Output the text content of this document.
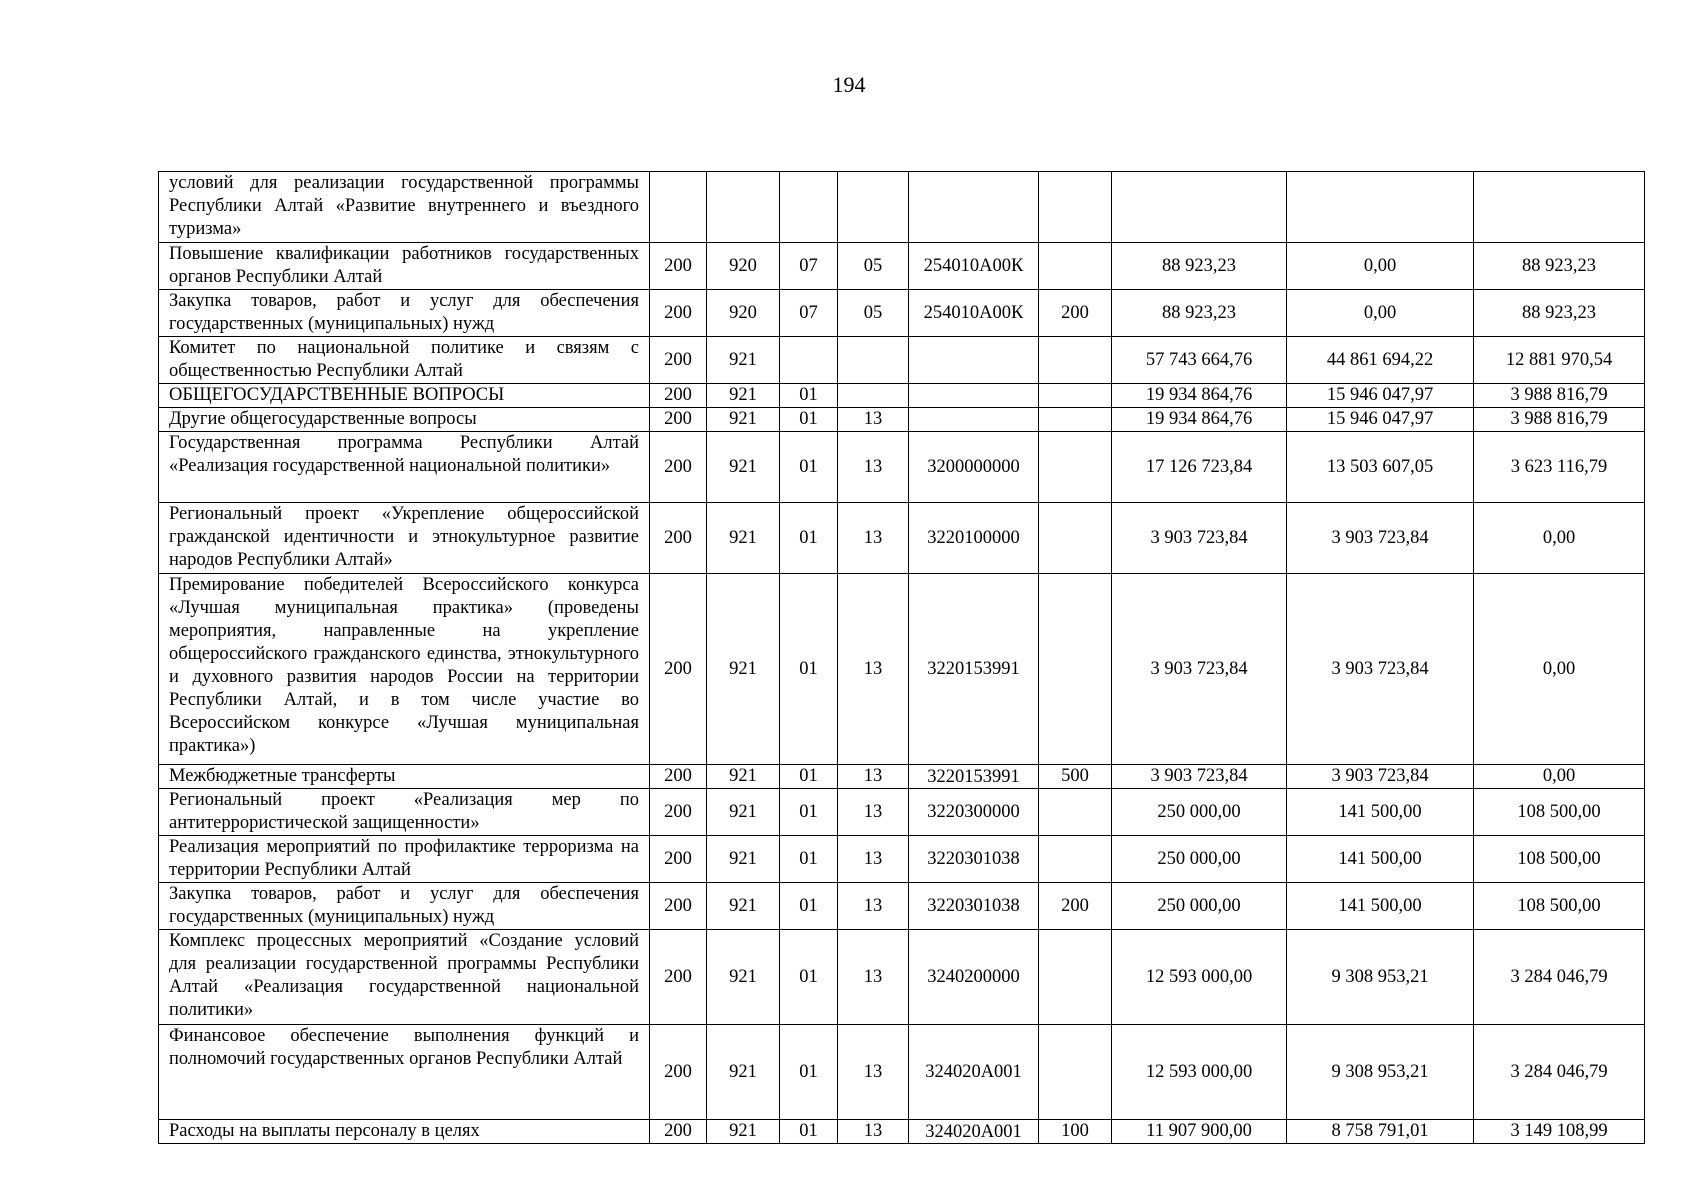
194
условий для реализации государственной программы Республики Алтай «Развитие внутреннего и въездного туризма»									
Повышение квалификации работников государственных органов Республики Алтай	200	920	07	05	254010А00К		88 923,23	0,00	88 923,23
Закупка товаров, работ и услуг для обеспечения государственных (муниципальных) нужд	200	920	07	05	254010А00К	200	88 923,23	0,00	88 923,23
Комитет по национальной политике и связям с общественностью Республики Алтай	200	921					57 743 664,76	44 861 694,22	12 881 970,54
ОБЩЕГОСУДАРСТВЕННЫЕ ВОПРОСЫ	200	921	01				19 934 864,76	15 946 047,97	3 988 816,79
Другие общегосударственные вопросы	200	921	01	13			19 934 864,76	15 946 047,97	3 988 816,79
Государственная программа Республики Алтай «Реализация государственной национальной политики»	200	921	01	13	3200000000		17 126 723,84	13 503 607,05	3 623 116,79
Региональный проект «Укрепление общероссийской гражданской идентичности и этнокультурное развитие народов Республики Алтай»	200	921	01	13	3220100000		3 903 723,84	3 903 723,84	0,00
Премирование победителей Всероссийского конкурса «Лучшая муниципальная практика» (проведены мероприятия, направленные на укрепление общероссийского гражданского единства, этнокультурного и духовного развития народов России на территории Республики Алтай, и в том числе участие во Всероссийском конкурсе «Лучшая муниципальная практика»)	200	921	01	13	3220153991		3 903 723,84	3 903 723,84	0,00
Межбюджетные трансферты	200	921	01	13	3220153991	500	3 903 723,84	3 903 723,84	0,00
Региональный проект «Реализация мер по антитеррористической защищенности»	200	921	01	13	3220300000		250 000,00	141 500,00	108 500,00
Реализация мероприятий по профилактике терроризма на территории Республики Алтай	200	921	01	13	3220301038		250 000,00	141 500,00	108 500,00
Закупка товаров, работ и услуг для обеспечения государственных (муниципальных) нужд	200	921	01	13	3220301038	200	250 000,00	141 500,00	108 500,00
Комплекс процессных мероприятий «Создание условий для реализации государственной программы Республики Алтай «Реализация государственной национальной политики»	200	921	01	13	3240200000		12 593 000,00	9 308 953,21	3 284 046,79
Финансовое обеспечение выполнения функций и полномочий государственных органов Республики Алтай	200	921	01	13	324020А001		12 593 000,00	9 308 953,21	3 284 046,79
Расходы на выплаты персоналу в целях	200	921	01	13	324020А001	100	11 907 900,00	8 758 791,01	3 149 108,99
